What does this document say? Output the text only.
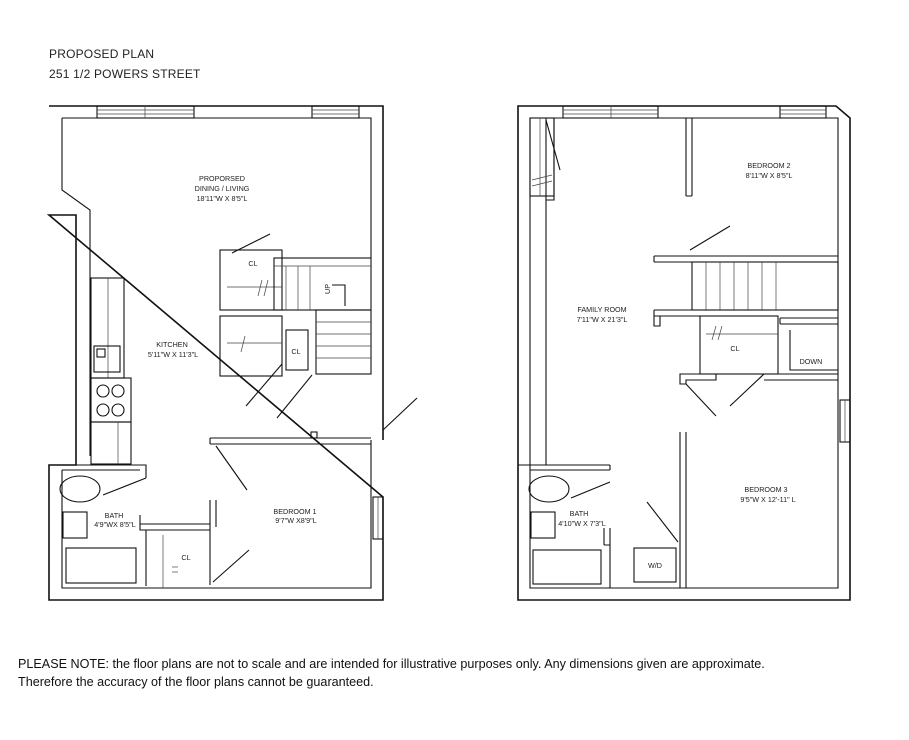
PROPOSED PLAN
251 1/2 POWERS STREET
PROPORSED
DINING / LIVING
18'11"W X 8'5"L
KITCHEN
5'11"W X 11'3"L
CL
CL
UP
BATH
4'9"WX 8'5"L
BEDROOM 1
9'7"W X8'9"L
CL
BEDROOM 2
8'11"W X 8'5"L
FAMILY ROOM
7'11"W X 21'3"L
CL
DOWN
BEDROOM 3
9'5"W X 12'-11" L
BATH
4'10"W X 7'3"L
W/D
PLEASE NOTE: the floor plans are not to scale and are intended for illustrative purposes only. Any dimensions given are approximate.
Therefore the accuracy of the floor plans cannot be guaranteed.
